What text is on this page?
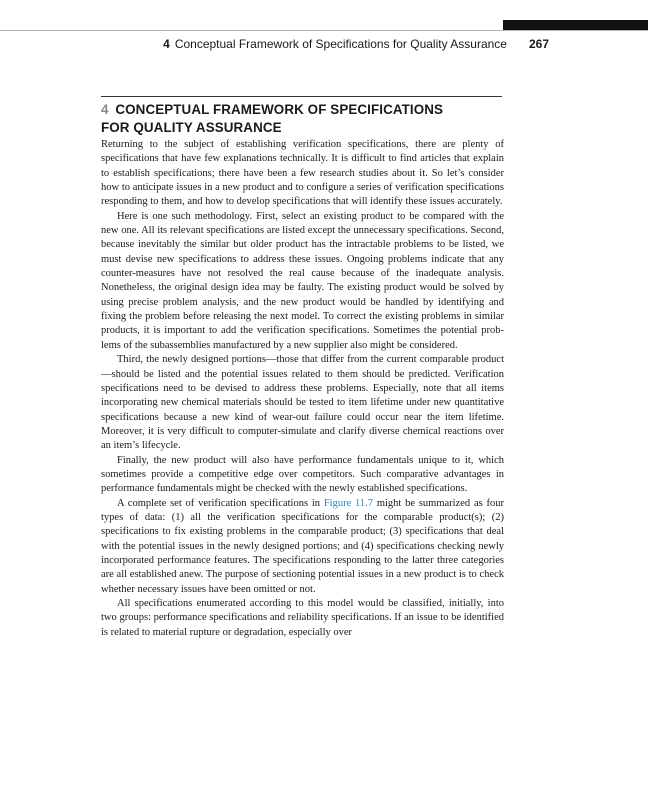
4 Conceptual Framework of Specifications for Quality Assurance 267
4 CONCEPTUAL FRAMEWORK OF SPECIFICATIONS
FOR QUALITY ASSURANCE

Returning to the subject of establishing verification specifications, there are plenty of specifications that have few explanations technically. It is difficult to find articles that explain to establish specifications; there have been a few research studies about it. So let’s consider how to anticipate issues in a new product and to configure a series of verification specifications responding to them, and how to develop specifications that will identify these issues accurately.

Here is one such methodology. First, select an existing product to be compared with the new one. All its relevant specifications are listed except the unnecessary specifications. Second, because inevitably the similar but older product has the intractable problems to be listed, we must devise new specifications to address these issues. Ongoing problems indicate that any counter-measures have not resolved the real cause because of the inadequate analysis. Nonetheless, the original design idea may be faulty. The existing product would be solved by using precise problem analysis, and the new product would be handled by identifying and fixing the problem before releasing the next model. To correct the existing problems in similar products, it is important to add the verification specifications. Sometimes the potential problems of the subassemblies manufactured by a new supplier also might be considered.

Third, the newly designed portions—those that differ from the current comparable product—should be listed and the potential issues related to them should be predicted. Verification specifications need to be devised to address these problems. Especially, note that all items incorporating new chemical materials should be tested to item lifetime under new quantitative specifications because a new kind of wear-out failure could occur near the item lifetime. Moreover, it is very difficult to computer-simulate and clarify diverse chemical reactions over an item’s lifecycle.

Finally, the new product will also have performance fundamentals unique to it, which sometimes provide a competitive edge over competitors. Such comparative advantages in performance fundamentals might be checked with the newly established specifications.

A complete set of verification specifications in Figure 11.7 might be summarized as four types of data: (1) all the verification specifications for the comparable product(s); (2) specifications to fix existing problems in the comparable product; (3) specifications that deal with the potential issues in the newly designed portions; and (4) specifications checking newly incorporated performance features. The specifications responding to the latter three categories are all established anew. The purpose of sectioning potential issues in a new product is to check whether necessary issues have been omitted or not.

All specifications enumerated according to this model would be classified, initially, into two groups: performance specifications and reliability specifications. If an issue to be identified is related to material rupture or degradation, especially over
